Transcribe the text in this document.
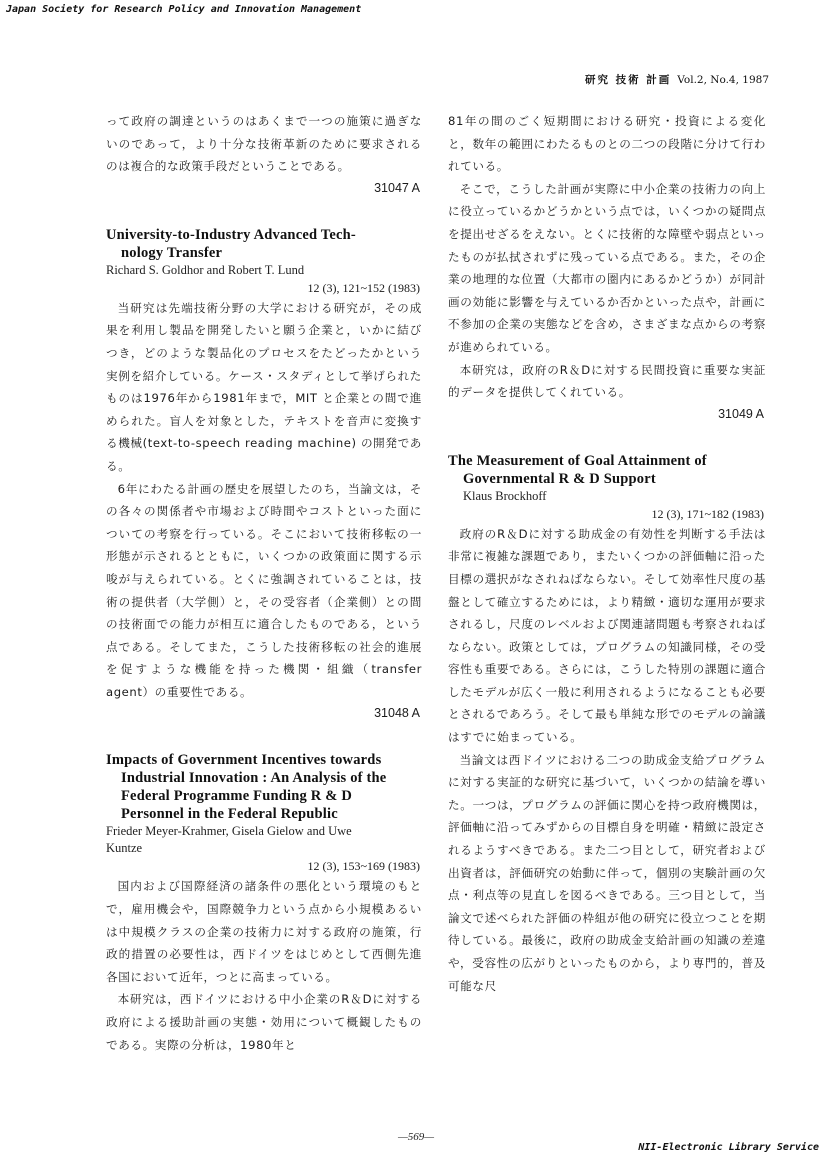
Japan Society for Research Policy and Innovation Management
研究 技術 計画 Vol.2, No.4, 1987

って政府の調達というのはあくまで一つの施策に過ぎないのであって，より十分な技術革新のために要求されるのは複合的な政策手段だということである。

31047 A

University-to-Industry Advanced Tech-
nology Transfer

Richard S. Goldhor and Robert T. Lund

12 (3), 121~152 (1983)

当研究は先端技術分野の大学における研究が，その成果を利用し製品を開発したいと願う企業と，いかに結びつき，どのような製品化のプロセスをたどったかという実例を紹介している。ケース・スタディとして挙げられたものは1976年から1981年まで，MIT と企業との間で進められた。盲人を対象とした，テキストを音声に変換する機械(text-to-speech reading machine) の開発である。

6年にわたる計画の歴史を展望したのち，当論文は，その各々の関係者や市場および時間やコストといった面についての考察を行っている。そこにおいて技術移転の一形態が示されるとともに，いくつかの政策面に関する示唆が与えられている。とくに強調されていることは，技術の提供者（大学側）と，その受容者（企業側）との間の技術面での能力が相互に適合したものである，という点である。そしてまた，こうした技術移転の社会的進展を促すような機能を持った機関・組織（transfer agent）の重要性である。

31048 A

Impacts of Government Incentives towards
Industrial Innovation : An Analysis of the
Federal Programme Funding R & D
Personnel in the Federal Republic

Frieder Meyer-Krahmer, Gisela Gielow and Uwe
Kuntze

12 (3), 153~169 (1983)

国内および国際経済の諸条件の悪化という環境のもとで，雇用機会や，国際競争力という点から小規模あるいは中規模クラスの企業の技術力に対する政府の施策，行政的措置の必要性は，西ドイツをはじめとして西側先進各国において近年，つとに高まっている。

本研究は，西ドイツにおける中小企業のR＆Dに対する政府による援助計画の実態・効用について概観したものである。実際の分析は，1980年と

81年の間のごく短期間における研究・投資による変化と，数年の範囲にわたるものとの二つの段階に分けて行われている。

そこで，こうした計画が実際に中小企業の技術力の向上に役立っているかどうかという点では，いくつかの疑問点を提出せざるをえない。とくに技術的な障壁や弱点といったものが払拭されずに残っている点である。また，その企業の地理的な位置（大都市の圏内にあるかどうか）が同計画の効能に影響を与えているか否かといった点や，計画に不参加の企業の実態などを含め，さまざまな点からの考察が進められている。

本研究は，政府のR＆Dに対する民間投資に重要な実証的データを提供してくれている。

31049 A

The Measurement of Goal Attainment of
Governmental R & D Support

Klaus Brockhoff

12 (3), 171~182 (1983)

政府のR＆Dに対する助成金の有効性を判断する手法は非常に複雑な課題であり，またいくつかの評価軸に沿った目標の選択がなされねばならない。そして効率性尺度の基盤として確立するためには，より精緻・適切な運用が要求されるし，尺度のレベルおよび関連諸問題も考察されねばならない。政策としては，プログラムの知識同様，その受容性も重要である。さらには，こうした特別の課題に適合したモデルが広く一般に利用されるようになることも必要とされるであろう。そして最も単純な形でのモデルの論議はすでに始まっている。

当論文は西ドイツにおける二つの助成金支給プログラムに対する実証的な研究に基づいて，いくつかの結論を導いた。一つは，プログラムの評価に関心を持つ政府機関は，評価軸に沿ってみずからの目標自身を明確・精緻に設定されるようすべきである。また二つ目として，研究者および出資者は，評価研究の始動に伴って，個別の実験計画の欠点・利点等の見直しを図るべきである。三つ目として，当論文で述べられた評価の枠組が他の研究に役立つことを期待している。最後に，政府の助成金支給計画の知識の差違や，受容性の広がりといったものから，より専門的，普及可能な尺

—569—
NII-Electronic Library Service
